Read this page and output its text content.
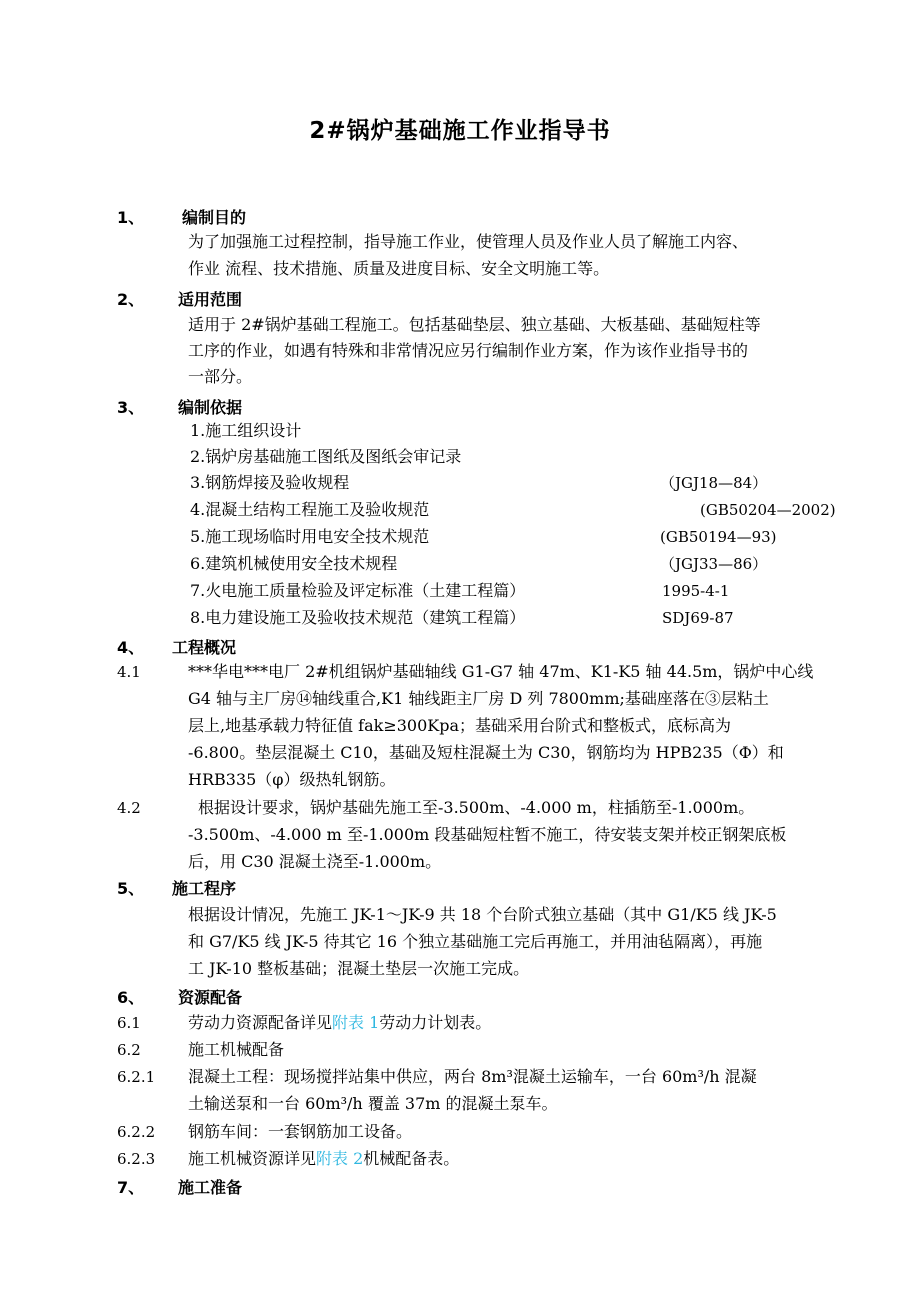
2#锅炉基础施工作业指导书
1、 编制目的
为了加强施工过程控制，指导施工作业，使管理人员及作业人员了解施工内容、
作业 流程、技术措施、质量及进度目标、安全文明施工等。
2、 适用范围
适用于 2#锅炉基础工程施工。包括基础垫层、独立基础、大板基础、基础短柱等
工序的作业，如遇有特殊和非常情况应另行编制作业方案，作为该作业指导书的
一部分。
3、 编制依据
1.施工组织设计
2.锅炉房基础施工图纸及图纸会审记录
3.钢筋焊接及验收规程	（JGJ18—84）
4.混凝土结构工程施工及验收规范	(GB50204—2002)
5.施工现场临时用电安全技术规范	(GB50194—93)
6.建筑机械使用安全技术规程	（JGJ33—86）
7.火电施工质量检验及评定标准（土建工程篇）	1995-4-1
8.电力建设施工及验收技术规范（建筑工程篇）	SDJ69-87
4、 工程概况
4.1	***华电***电厂 2#机组锅炉基础轴线 G1-G7 轴 47m、K1-K5 轴 44.5m，锅炉中心线
G4 轴与主厂房⑭轴线重合,K1 轴线距主厂房 D 列 7800mm;基础座落在③层粘土
层上,地基承载力特征值 fak≥300Kpa；基础采用台阶式和整板式，底标高为
-6.800。垫层混凝土 C10，基础及短柱混凝土为 C30，钢筋均为 HPB235（Φ）和
HRB335（φ）级热轧钢筋。
4.2	根据设计要求，锅炉基础先施工至-3.500m、-4.000 m，柱插筋至-1.000m。
-3.500m、-4.000 m 至-1.000m 段基础短柱暂不施工，待安装支架并校正钢架底板
后，用 C30 混凝土浇至-1.000m。
5、 施工程序
根据设计情况，先施工 JK-1～JK-9 共 18 个台阶式独立基础（其中 G1/K5 线 JK-5
和 G7/K5 线 JK-5 待其它 16 个独立基础施工完后再施工，并用油毡隔离），再施
工 JK-10 整板基础；混凝土垫层一次施工完成。
6、 资源配备
6.1	劳动力资源配备详见附表 1劳动力计划表。
6.2	施工机械配备
6.2.1 混凝土工程：现场搅拌站集中供应，两台 8m³混凝土运输车，一台 60m³/h 混凝
土输送泵和一台 60m³/h 覆盖 37m 的混凝土泵车。
6.2.2 钢筋车间：一套钢筋加工设备。
6.2.3 施工机械资源详见附表 2机械配备表。
7、 施工准备
